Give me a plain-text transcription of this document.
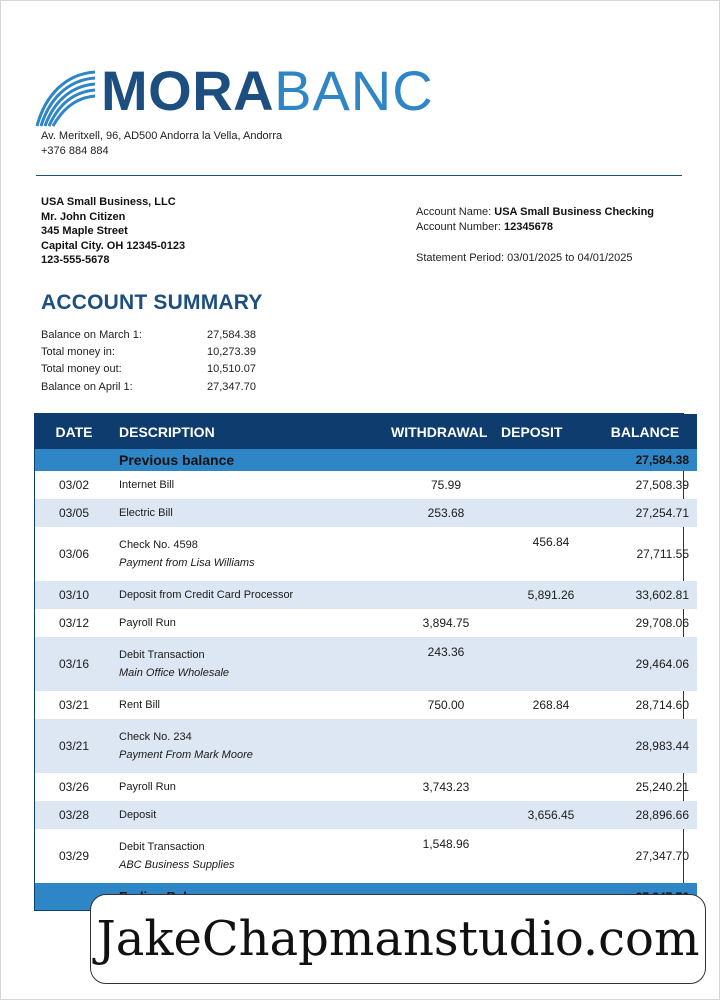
MORABANC
Av. Meritxell, 96, AD500 Andorra la Vella, Andorra
+376 884 884
USA Small Business, LLC
Mr. John Citizen
345 Maple Street
Capital City. OH 12345-0123
123-555-5678
Account Name: USA Small Business Checking
Account Number: 12345678
Statement Period: 03/01/2025 to 04/01/2025
ACCOUNT SUMMARY
Balance on March 1:	27,584.38
Total money in:	10,273.39
Total money out:	10,510.07
Balance on April 1:	27,347.70
DATE	DESCRIPTION	WITHDRAWAL	DEPOSIT	BALANCE
	Previous balance			27,584.38
03/02	Internet Bill	75.99		27,508.39
03/05	Electric Bill	253.68		27,254.71
03/06	Check No. 4598
Payment from Lisa Williams		456.84	27,711.55
03/10	Deposit from Credit Card Processor		5,891.26	33,602.81
03/12	Payroll Run	3,894.75		29,708.06
03/16	Debit Transaction
Main Office Wholesale	243.36		29,464.06
03/21	Rent Bill	750.00	268.84	28,714.60
03/21	Check No. 234
Payment From Mark Moore			28,983.44
03/26	Payroll Run	3,743.23		25,240.21
03/28	Deposit		3,656.45	28,896.66
03/29	Debit Transaction
ABC Business Supplies	1,548.96		27,347.70

JakeChapmanstudio.com
